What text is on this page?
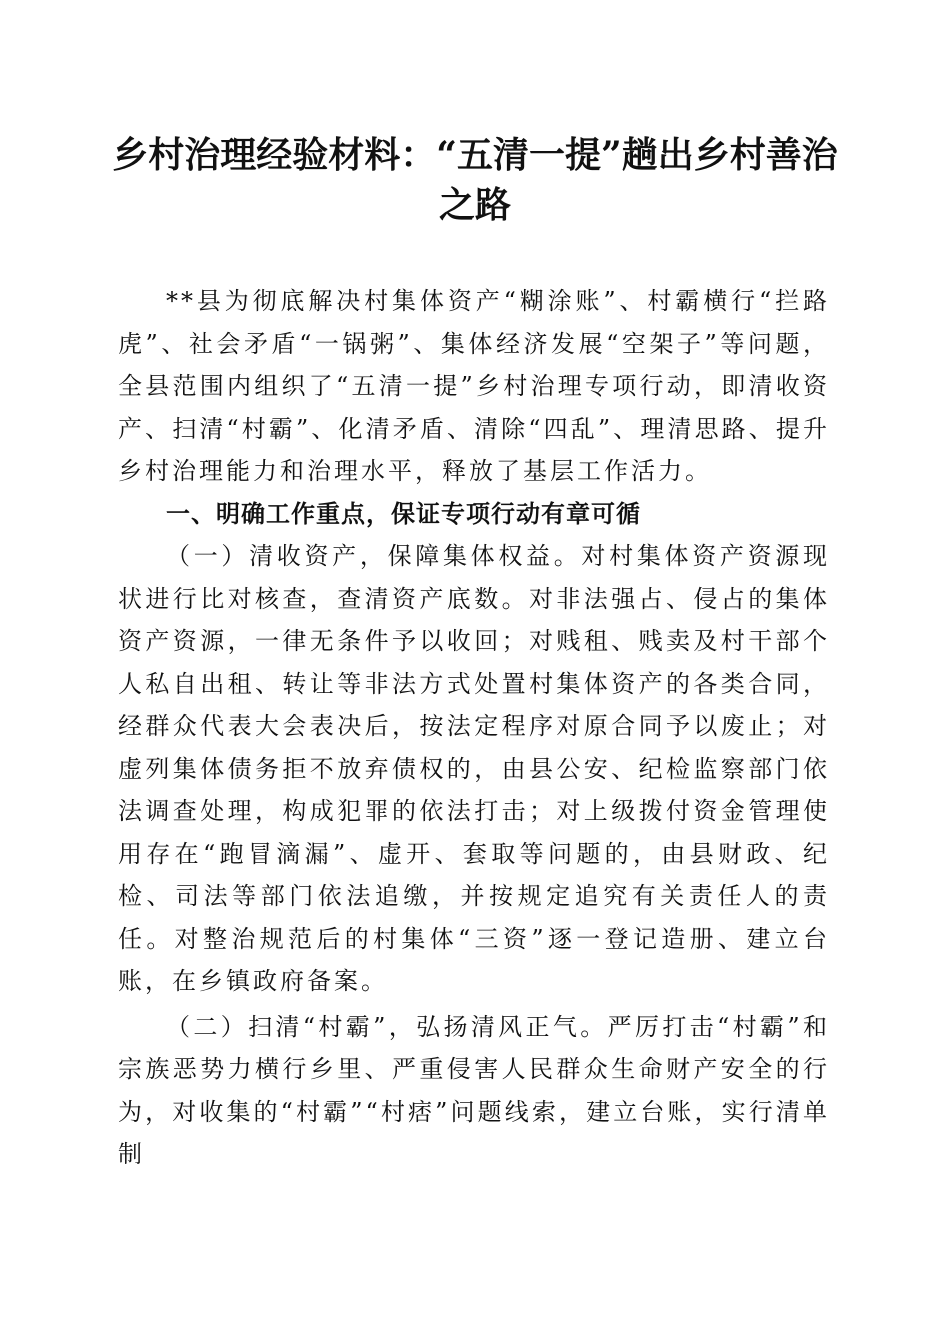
乡村治理经验材料：“五清一提”趟出乡村善治之路

**县为彻底解决村集体资产“糊涂账”、村霸横行“拦路虎”、社会矛盾“一锅粥”、集体经济发展“空架子”等问题，全县范围内组织了“五清一提”乡村治理专项行动，即清收资产、扫清“村霸”、化清矛盾、清除“四乱”、理清思路、提升乡村治理能力和治理水平，释放了基层工作活力。

一、明确工作重点，保证专项行动有章可循

（一）清收资产，保障集体权益。对村集体资产资源现状进行比对核查，查清资产底数。对非法强占、侵占的集体资产资源，一律无条件予以收回；对贱租、贱卖及村干部个人私自出租、转让等非法方式处置村集体资产的各类合同，经群众代表大会表决后，按法定程序对原合同予以废止；对虚列集体债务拒不放弃债权的，由县公安、纪检监察部门依法调查处理，构成犯罪的依法打击；对上级拨付资金管理使用存在“跑冒滴漏”、虚开、套取等问题的，由县财政、纪检、司法等部门依法追缴，并按规定追究有关责任人的责任。对整治规范后的村集体“三资”逐一登记造册、建立台账，在乡镇政府备案。

（二）扫清“村霸”，弘扬清风正气。严厉打击“村霸”和宗族恶势力横行乡里、严重侵害人民群众生命财产安全的行为，对收集的“村霸”“村痞”问题线索，建立台账，实行清单制
